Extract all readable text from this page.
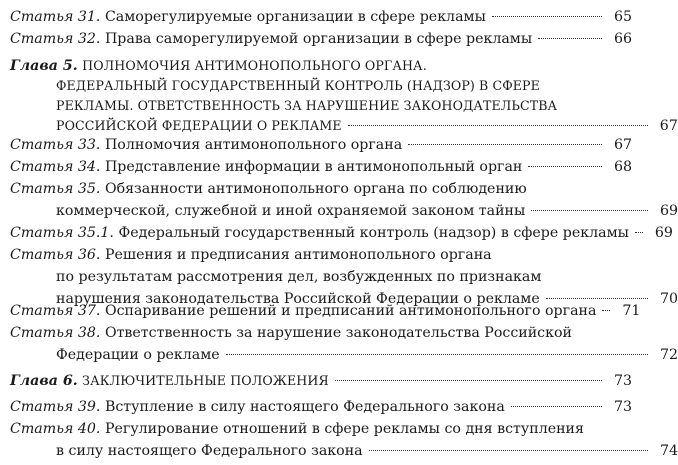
Статья 31.
Саморегулируемые организации в сфере рекламы	65
Статья 32.
Права саморегулируемой организации в сфере рекламы	66
Глава 5. ПОЛНОМОЧИЯ АНТИМОНОПОЛЬНОГО ОРГАНА.
ФЕДЕРАЛЬНЫЙ ГОСУДАРСТВЕННЫЙ КОНТРОЛЬ (НАДЗОР) В СФЕРЕ
РЕКЛАМЫ. ОТВЕТСТВЕННОСТЬ ЗА НАРУШЕНИЕ ЗАКОНОДАТЕЛЬСТВА
РОССИЙСКОЙ ФЕДЕРАЦИИ О РЕКЛАМЕ	67
Статья 33.
Полномочия антимонопольного органа	67
Статья 34.
Представление информации в антимонопольный орган	68
Статья 35. Обязанности антимонопольного органа по соблюдению
коммерческой, служебной и иной охраняемой законом тайны	69
Статья 35.1.
Федеральный государственный контроль (надзор) в сфере рекламы	69
Статья 36. Решения и предписания антимонопольного органа
по результатам рассмотрения дел, возбужденных по признакам
нарушения законодательства Российской Федерации о рекламе	70
Статья 37.
Оспаривание решений и предписаний антимонопольного органа	71
Статья 38. Ответственность за нарушение законодательства Российской
Федерации о рекламе	72
Глава 6.
ЗАКЛЮЧИТЕЛЬНЫЕ ПОЛОЖЕНИЯ	73
Статья 39.
Вступление в силу настоящего Федерального закона	73
Статья 40. Регулирование отношений в сфере рекламы со дня вступления
в силу настоящего Федерального закона	74
